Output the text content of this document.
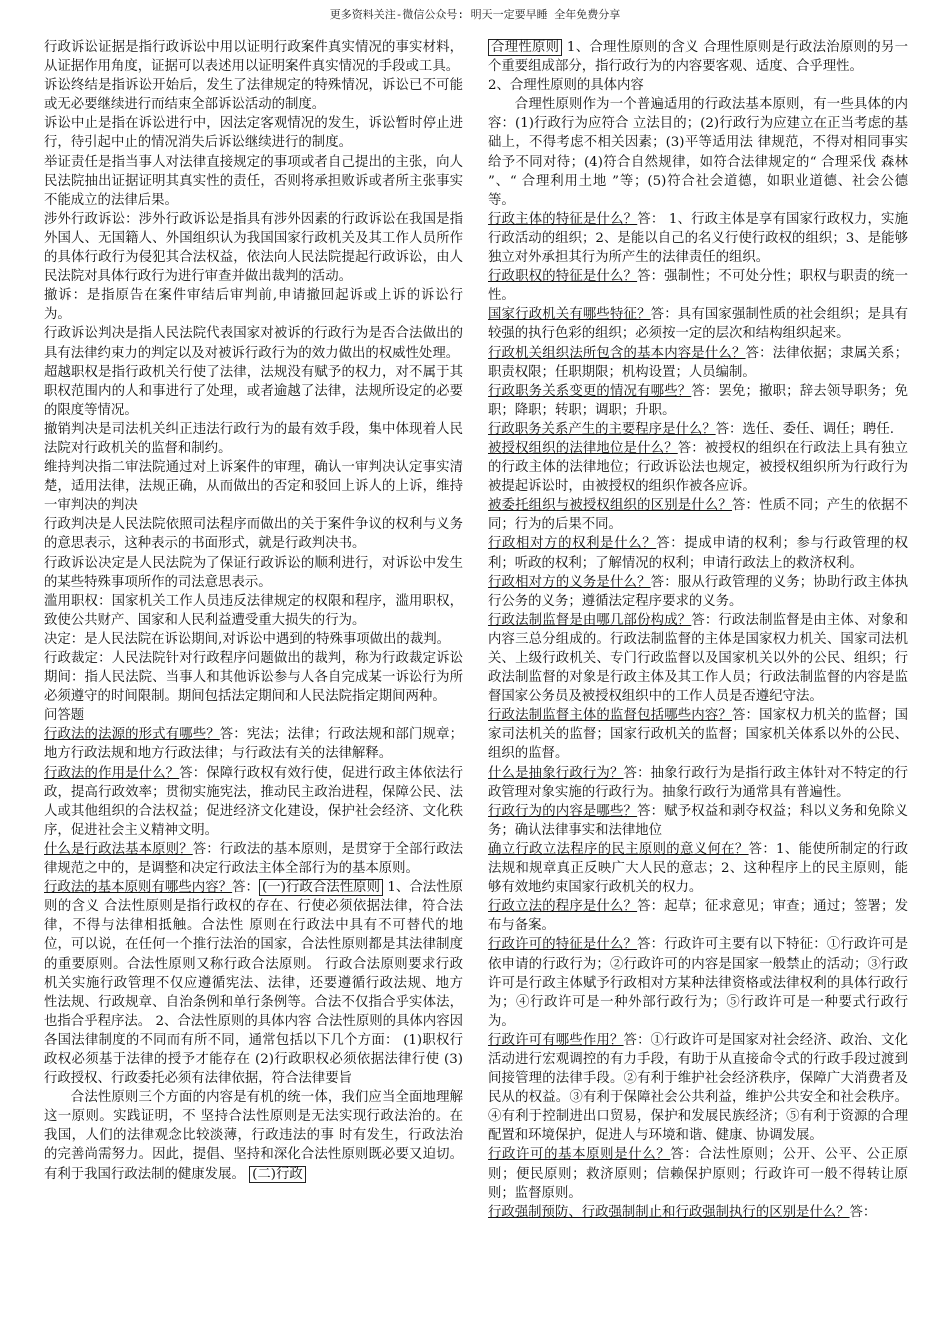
更多资料关注-微信公众号: 明天一定要早睡 全年免费分享

行政诉讼证据是指行政诉讼中用以证明行政案件真实情况的事实材料，从证据作用角度，证据可以表述用以证明案件真实情况的手段或工具。

诉讼终结是指诉讼开始后，发生了法律规定的特殊情况，诉讼已不可能或无必要继续进行而结束全部诉讼活动的制度。

诉讼中止是指在诉讼进行中，因法定客观情况的发生，诉讼暂时停止进行，待引起中止的情况消失后诉讼继续进行的制度。

举证责任是指当事人对法律直接规定的事项或者自己提出的主张，向人民法院抽出证据证明其真实性的责任，否则将承担败诉或者所主张事实不能成立的法律后果。

涉外行政诉讼：涉外行政诉讼是指具有涉外因素的行政诉讼在我国是指外国人、无国籍人、外国组织认为我国国家行政机关及其工作人员所作的具体行政行为侵犯其合法权益，依法向人民法院提起行政诉讼，由人民法院对具体行政行为进行审查并做出裁判的活动。

撤诉：是指原告在案件审结后审判前,申请撤回起诉或上诉的诉讼行为。

行政诉讼判决是指人民法院代表国家对被诉的行政行为是否合法做出的具有法律约束力的判定以及对被诉行政行为的效力做出的权威性处理。

超越职权是指行政机关行使了法律，法规没有赋予的权力，对不属于其职权范围内的人和事进行了处理，或者逾越了法律，法规所设定的必要的限度等情况。

撤销判决是司法机关纠正违法行政行为的最有效手段，集中体现着人民法院对行政机关的监督和制约。

维持判决指二审法院通过对上诉案件的审理，确认一审判决认定事实清楚，适用法律，法规正确，从而做出的否定和驳回上诉人的上诉，维持一审判决的判决

行政判决是人民法院依照司法程序而做出的关于案件争议的权利与义务的意思表示，这种表示的书面形式，就是行政判决书。

行政诉讼决定是人民法院为了保证行政诉讼的顺利进行，对诉讼中发生的某些特殊事项所作的司法意思表示。

滥用职权：国家机关工作人员违反法律规定的权限和程序，滥用职权，致使公共财产、国家和人民利益遭受重大损失的行为。

决定：是人民法院在诉讼期间,对诉讼中遇到的特殊事项做出的裁判。

行政裁定：人民法院针对行政程序问题做出的裁判，称为行政裁定诉讼期间：指人民法院、当事人和其他诉讼参与人各自完成某一诉讼行为所必须遵守的时间限制。期间包括法定期间和人民法院指定期间两种。

问答题

行政法的法源的形式有哪些？答：宪法；法律；行政法规和部门规章；地方行政法规和地方行政法律；与行政法有关的法律解释。

行政法的作用是什么？答：保障行政权有效行使，促进行政主体依法行政，提高行政效率；贯彻实施宪法，推动民主政治进程，保障公民、法人或其他组织的合法权益；促进经济文化建设，保护社会经济、文化秩序，促进社会主义精神文明。

什么是行政法基本原则？答：行政法的基本原则，是贯穿于全部行政法律规范之中的，是调整和决定行政法主体全部行为的基本原则。

行政法的基本原则有哪些内容？答： (一)行政合法性原则 1、合法性原则的含义 合法性原则是指行政权的存在、行使必须依据法律，符合法律，不得与法律相抵触。合法性 原则在行政法中具有不可替代的地位，可以说，在任何一个推行法治的国家，合法性原则都是其法律制度的重要原则。合法性原则又称行政合法原则。 行政合法原则要求行政机关实施行政管理不仅应遵循宪法、法律，还要遵循行政法规、地方 性法规、行政规章、自治条例和单行条例等。合法不仅指合乎实体法，也指合乎程序法。 2、合法性原则的具体内容 合法性原则的具体内容因各国法律制度的不同而有所不同，通常包括以下几个方面： (1)职权行政权必须基于法律的授予才能存在 (2)行政职权必须依据法律行使 (3)行政授权、行政委托必须有法律依据，符合法律要旨

合法性原则三个方面的内容是有机的统一体，我们应当全面地理解这一原则。实践证明，不 坚持合法性原则是无法实现行政法治的。在我国，人们的法律观念比较淡薄，行政违法的事 时有发生，行政法治的完善尚需努力。因此，提倡、坚持和深化合法性原则既必要又迫切。 有利于我国行政法制的健康发展。 (二)行政

合理性原则 1、合理性原则的含义 合理性原则是行政法治原则的另一个重要组成部分，指行政行为的内容要客观、适度、合乎理性。

2、合理性原则的具体内容

合理性原则作为一个普遍适用的行政法基本原则，有一些具体的内容：(1)行政行为应符合 立法目的；(2)行政行为应建立在正当考虑的基础上，不得考虑不相关因素；(3)平等适用法 律规范，不得对相同事实给予不同对待；(4)符合自然规律，如符合法律规定的“ 合理采伐 森林 ”、“ 合理利用土地 ”等；(5)符合社会道德，如职业道德、社会公德等。

行政主体的特征是什么？答： 1、行政主体是享有国家行政权力，实施行政活动的组织；2、是能以自己的名义行使行政权的组织；3、是能够独立对外承担其行为所产生的法律责任的组织。

行政职权的特征是什么？答：强制性；不可处分性；职权与职责的统一性。

国家行政机关有哪些特征？答：具有国家强制性质的社会组织；是具有较强的执行色彩的组织；必须按一定的层次和结构组织起来。

行政机关组织法所包含的基本内容是什么？答：法律依据；隶属关系；职责权限；任职期限；机构设置；人员编制。

行政职务关系变更的情况有哪些？答：罢免；撤职；辞去领导职务；免职；降职；转职；调职；升职。

行政职务关系产生的主要程序是什么？答：选任、委任、调任；聘任.

被授权组织的法律地位是什么？答：被授权的组织在行政法上具有独立的行政主体的法律地位；行政诉讼法也规定，被授权组织所为行政行为被提起诉讼时，由被授权的组织作被各应诉。

被委托组织与被授权组织的区别是什么？答：性质不同；产生的依据不同；行为的后果不同。

行政相对方的权利是什么？答：提成申请的权利；参与行政管理的权利；听政的权利；了解情况的权利；申请行政法上的救济权利。

行政相对方的义务是什么？答：服从行政管理的义务；协助行政主体执行公务的义务；遵循法定程序要求的义务。

行政法制监督是由哪几部份构成？答：行政法制监督是由主体、对象和内容三总分组成的。行政法制监督的主体是国家权力机关、国家司法机关、上级行政机关、专门行政监督以及国家机关以外的公民、组织；行政法制监督的对象是行政主体及其工作人员；行政法制监督的内容是监督国家公务员及被授权组织中的工作人员是否遵纪守法。

行政法制监督主体的监督包括哪些内容？答：国家权力机关的监督；国家司法机关的监督；国家行政机关的监督；国家机关体系以外的公民、组织的监督。

什么是抽象行政行为？答：抽象行政行为是指行政主体针对不特定的行政管理对象实施的行政行为。抽象行政行为通常具有普遍性。

行政行为的内容是哪些？答：赋予权益和剥夺权益；科以义务和免除义务；确认法律事实和法律地位

确立行政立法程序的民主原则的意义何在？答：1、能使所制定的行政法规和规章真正反映广大人民的意志；2、这种程序上的民主原则，能够有效地约束国家行政机关的权力。

行政立法的程序是什么？答：起草；征求意见；审查；通过；签署；发布与备案。

行政许可的特征是什么？答：行政许可主要有以下特征：①行政许可是依申请的行政行为；②行政许可的内容是国家一般禁止的活动；③行政许可是行政主体赋予行政相对方某种法律资格或法律权利的具体行政行为；④行政许可是一种外部行政行为；⑤行政许可是一种要式行政行为。

行政许可有哪些作用？答：①行政许可是国家对社会经济、政治、文化活动进行宏观调控的有力手段，有助于从直接命令式的行政手段过渡到间接管理的法律手段。②有利于维护社会经济秩序，保障广大消费者及民从的权益。③有利于保障社会公共利益，维护公共安全和社会秩序。④有利于控制进出口贸易，保护和发展民族经济；⑤有利于资源的合理配置和环境保护，促进人与环境和谐、健康、协调发展。

行政许可的基本原则是什么？答：合法性原则；公开、公平、公正原则；便民原则；救济原则；信赖保护原则；行政许可一般不得转让原则；监督原则。

行政强制预防、行政强制制止和行政强制执行的区别是什么？答：
